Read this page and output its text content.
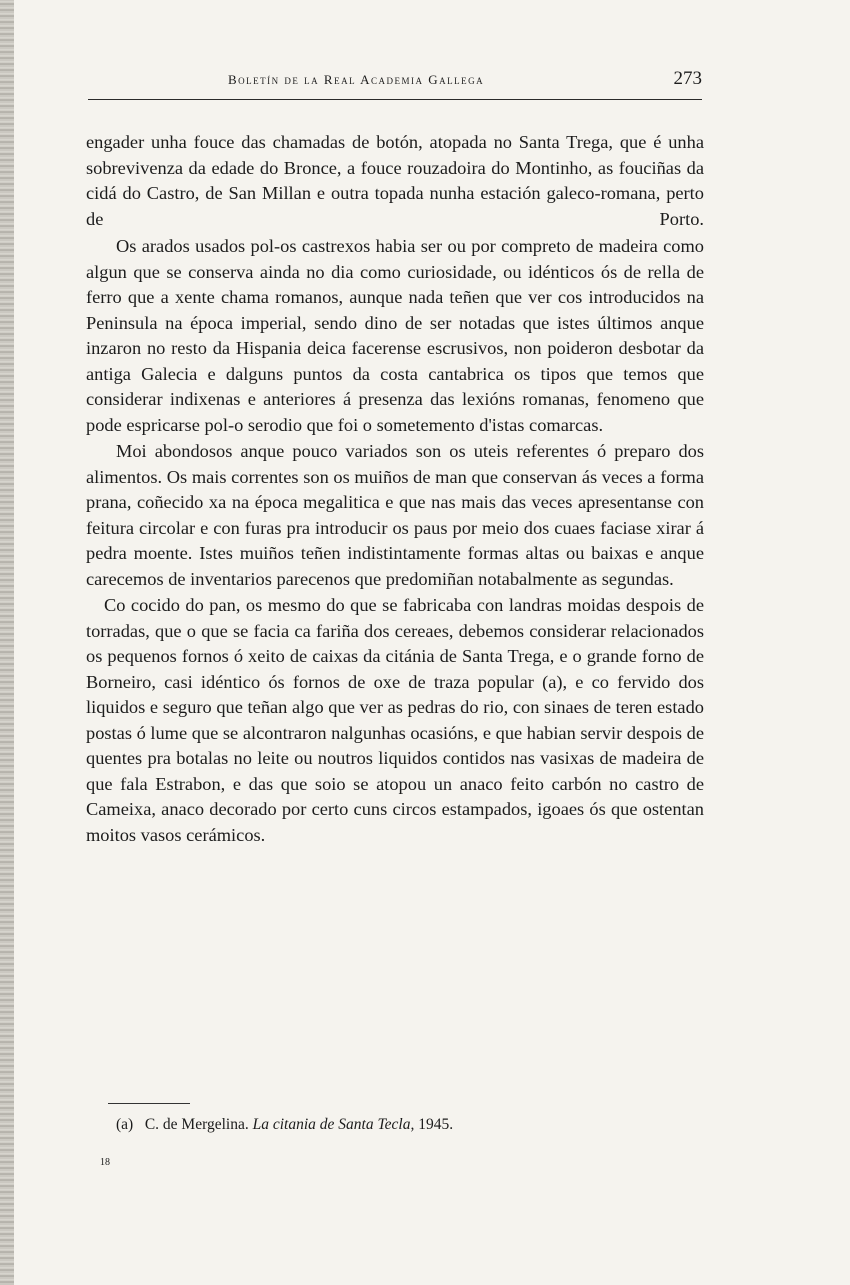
Boletín de la Real Academia Gallega	273

engader unha fouce das chamadas de botón, atopada no Santa Trega, que é unha sobrevivenza da edade do Bronce, a fouce rouzadoira do Montinho, as fouciñas da cidá do Castro, de San Millan e outra topada nunha estación galeco-romana, perto de Porto.

Os arados usados pol-os castrexos habia ser ou por compreto de madeira como algun que se conserva ainda no dia como curiosidade, ou idénticos ós de rella de ferro que a xente chama romanos, aunque nada teñen que ver cos introducidos na Peninsula na época imperial, sendo dino de ser notadas que istes últimos anque inzaron no resto da Hispania deica facerense escrusivos, non poideron desbotar da antiga Galecia e dalguns puntos da costa cantabrica os tipos que temos que considerar indixenas e anteriores á presenza das lexións romanas, fenomeno que pode espricarse pol-o serodio que foi o sometemento d'istas comarcas.

Moi abondosos anque pouco variados son os uteis referentes ó preparo dos alimentos. Os mais correntes son os muiños de man que conservan ás veces a forma prana, coñecido xa na época megalitica e que nas mais das veces apresentanse con feitura circolar e con furas pra introducir os paus por meio dos cuaes faciase xirar á pedra moente. Istes muiños teñen indistintamente formas altas ou baixas e anque carecemos de inventarios parecenos que predomiñan notabalmente as segundas.

Co cocido do pan, os mesmo do que se fabricaba con landras moidas despois de torradas, que o que se facia ca fariña dos cereaes, debemos considerar relacionados os pequenos fornos ó xeito de caixas da citánia de Santa Trega, e o grande forno de Borneiro, casi idéntico ós fornos de oxe de traza popular (a), e co fervido dos liquidos e seguro que teñan algo que ver as pedras do rio, con sinaes de teren estado postas ó lume que se alcontraron nalgunhas ocasións, e que habian servir despois de quentes pra botalas no leite ou noutros liquidos contidos nas vasixas de madeira de que fala Estrabon, e das que soio se atopou un anaco feito carbón no castro de Cameixa, anaco decorado por certo cuns circos estampados, igoaes ós que ostentan moitos vasos cerámicos.

(a) C. de Mergelina. La citania de Santa Tecla, 1945.
18
